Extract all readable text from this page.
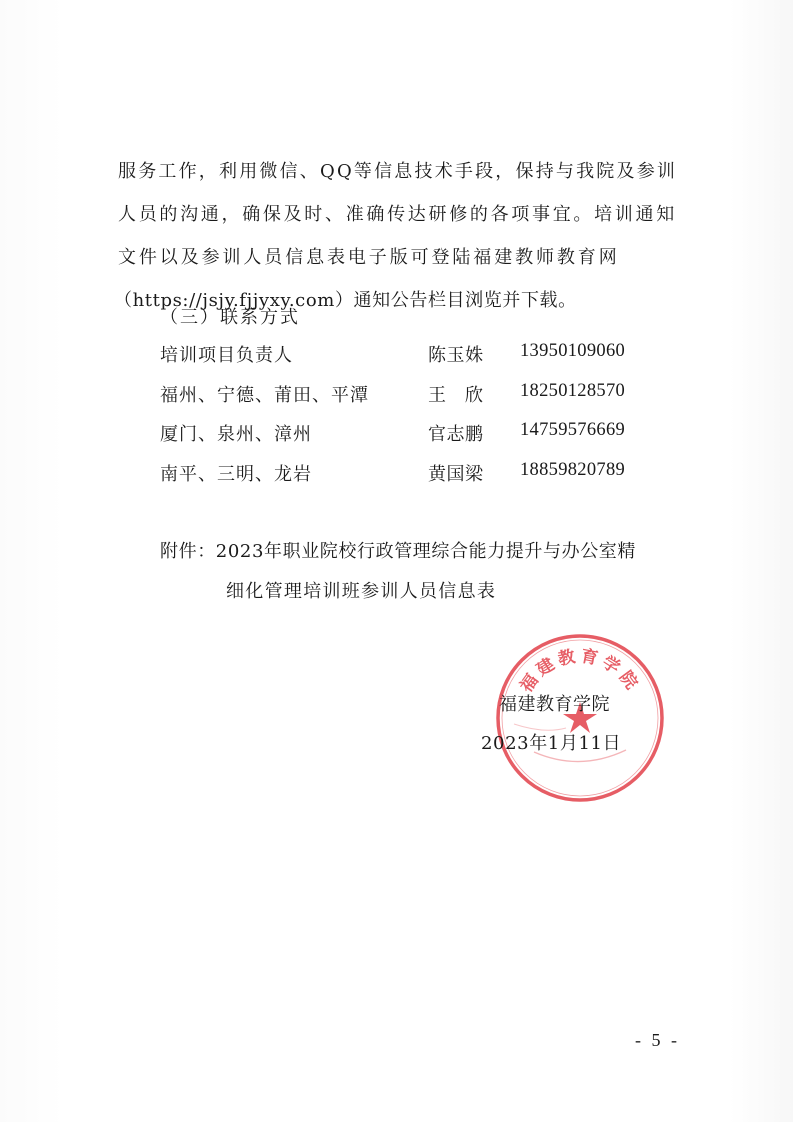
服务工作，利用微信、QQ等信息技术手段，保持与我院及参训
人员的沟通，确保及时、准确传达研修的各项事宜。培训通知
文件以及参训人员信息表电子版可登陆福建教师教育网
（https://jsjy.fjjyxy.com）通知公告栏目浏览并下载。
（三）联系方式
培训项目负责人	陈玉姝 13950109060
福州、宁德、莆田、平潭	王　欣 18250128570
厦门、泉州、漳州	官志鹏 14759576669
南平、三明、龙岩	黄国梁 18859820789
附件：2023年职业院校行政管理综合能力提升与办公室精
细化管理培训班参训人员信息表
福建教育学院
福建教育学院
2023年1月11日
- 5 -
